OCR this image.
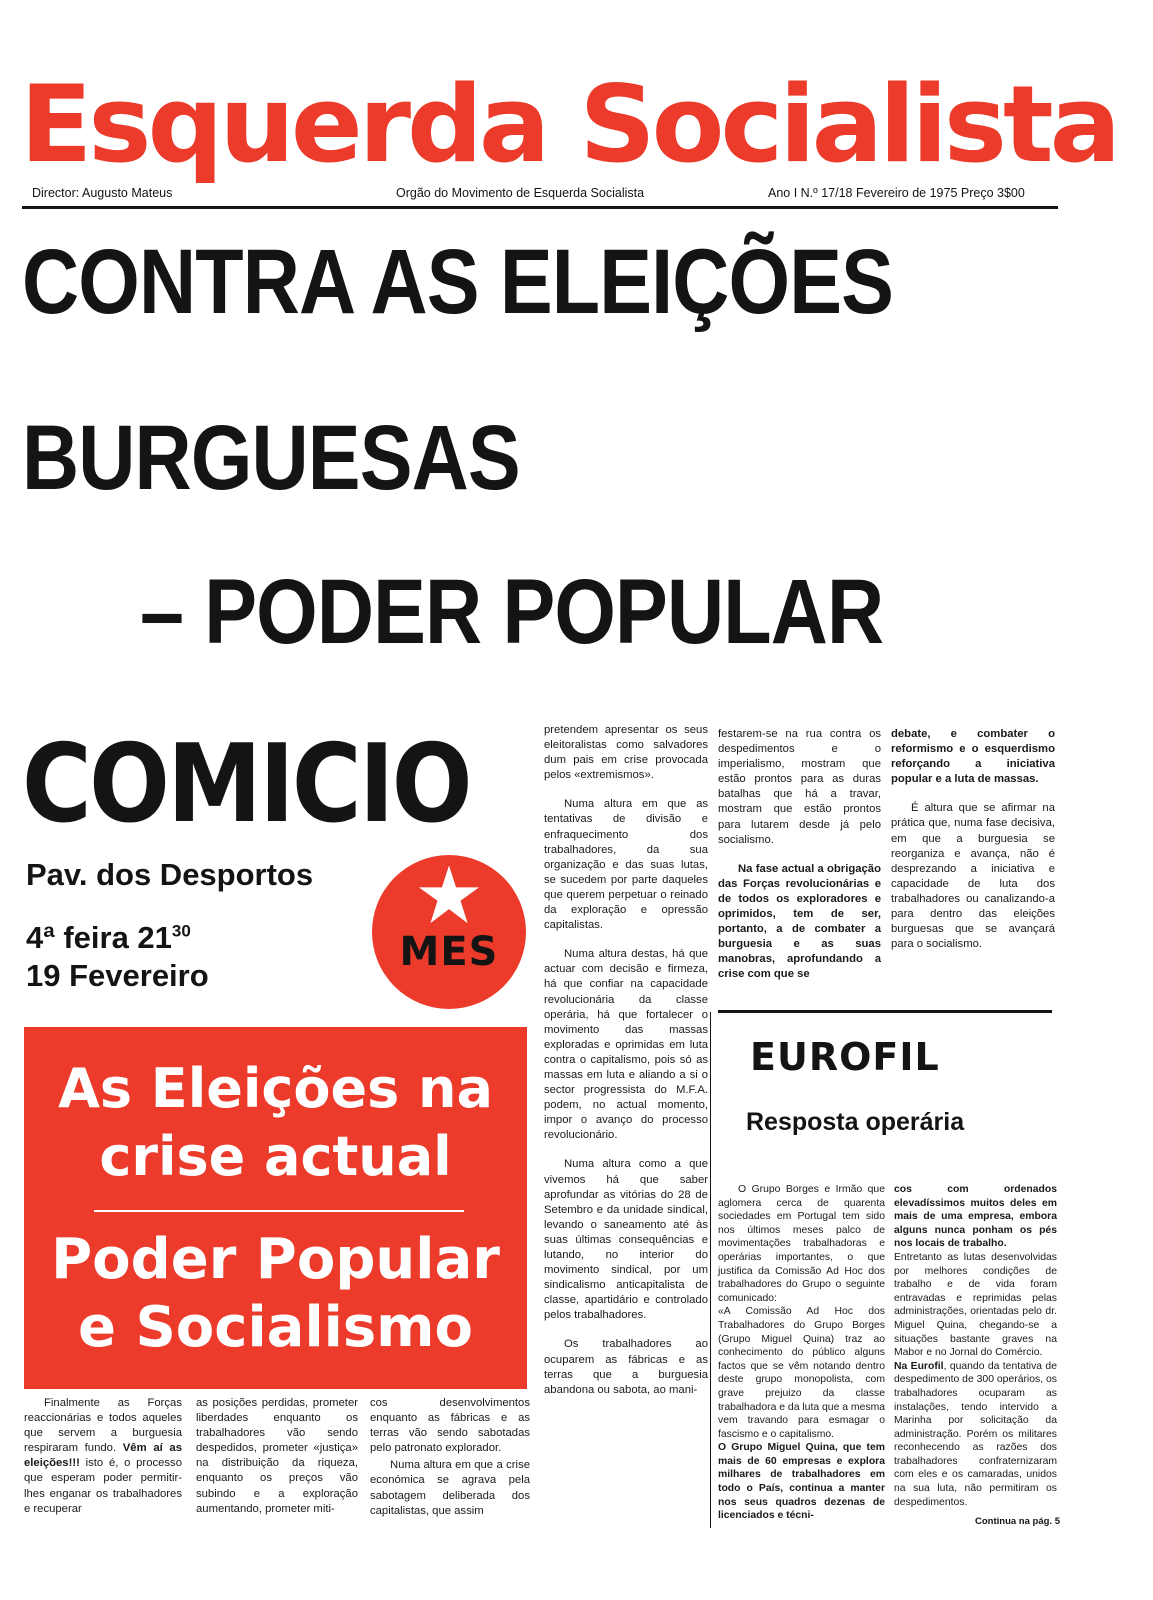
Esquerda Socialista
Director: Augusto Mateus	Orgão do Movimento de Esquerda Socialista	Ano I N.º 17/18 Fevereiro de 1975 Preço 3$00
CONTRA AS ELEIÇÕES
BURGUESAS
– PODER POPULAR
COMICIO
Pav. dos Desportos
4ª feira $21^{30}$
19 Fevereiro
MES
As Eleições na
crise actual
Poder Popular
e Socialismo

pretendem apresentar os seus eleitoralistas como salvadores dum pais em crise provocada pelos «extremismos».

Numa altura em que as tentativas de divisão e enfraquecimento dos trabalhadores, da sua organização e das suas lutas, se sucedem por parte daqueles que querem perpetuar o reinado da exploração e opressão capitalistas.

Numa altura destas, há que actuar com decisão e firmeza, há que confiar na capacidade revolucionária da classe operária, há que fortalecer o movimento das massas exploradas e oprimidas em luta contra o capitalismo, pois só as massas em luta e aliando a si o sector progressista do M.F.A. podem, no actual momento, impor o avanço do processo revolucionário.

Numa altura como a que vivemos há que saber aprofundar as vitórias do 28 de Setembro e da unidade sindical, levando o saneamento até às suas últimas consequências e lutando, no interior do movimento sindical, por um sindicalismo anticapitalista de classe, apartidário e controlado pelos trabalhadores.

Os trabalhadores ao ocuparem as fábricas e as terras que a burguesia abandona ou sabota, ao mani-

festarem-se na rua contra os despedimentos e o imperialismo, mostram que estão prontos para as duras batalhas que há a travar, mostram que estão prontos para lutarem desde já pelo socialismo.

Na fase actual a obrigação das Forças revolucionárias e de todos os exploradores e oprimidos, tem de ser, portanto, a de combater a burguesia e as suas manobras, aprofundando a crise com que se

debate, e combater o reformismo e o esquerdismo reforçando a iniciativa popular e a luta de massas.

É altura que se afirmar na prática que, numa fase decisiva, em que a burguesia se reorganiza e avança, não é desprezando a iniciativa e capacidade de luta dos trabalhadores ou canalizando-a para dentro das eleições burguesas que se avançará para o socialismo.

EUROFIL
Resposta operária

O Grupo Borges e Irmão que aglomera cerca de quarenta sociedades em Portugal tem sido nos últimos meses palco de movimentações trabalhadoras e operárias importantes, o que justifica da Comissão Ad Hoc dos trabalhadores do Grupo o seguinte comunicado:
«A Comissão Ad Hoc dos Trabalhadores do Grupo Borges (Grupo Miguel Quina) traz ao conhecimento do público alguns factos que se vêm notando dentro deste grupo monopolista, com grave prejuizo da classe trabalhadora e da luta que a mesma vem travando para esmagar o fascismo e o capitalismo.
O Grupo Miguel Quina, que tem mais de 60 empresas e explora milhares de trabalhadores em todo o País, continua a manter nos seus quadros dezenas de licenciados e técni-

cos com ordenados elevadíssimos muitos deles em mais de uma empresa, embora alguns nunca ponham os pés nos locais de trabalho.
Entretanto as lutas desenvolvidas por melhores condições de trabalho e de vida foram entravadas e reprimidas pelas administrações, orientadas pelo dr. Miguel Quina, chegando-se a situações bastante graves na Mabor e no Jornal do Comércio.
Na Eurofil, quando da tentativa de despedimento de 300 operários, os trabalhadores ocuparam as instalações, tendo intervido a Marinha por solicitação da administração. Porém os militares reconhecendo as razões dos trabalhadores confraternizaram com eles e os camaradas, unidos na sua luta, não permitiram os despedimentos.

Continua na pág. 5

Finalmente as Forças reaccionárias e todos aqueles que servem a burguesia respiraram fundo. Vêm aí as eleições!!! isto é, o processo que esperam poder permitir-lhes enganar os trabalhadores e recuperar

as posições perdidas, prometer liberdades enquanto os trabalhadores vão sendo despedidos, prometer «justiça» na distribuição da riqueza, enquanto os preços vão subindo e a exploração aumentando, prometer miti-

cos desenvolvimentos enquanto as fábricas e as terras vão sendo sabotadas pelo patronato explorador.

Numa altura em que a crise económica se agrava pela sabotagem deliberada dos capitalistas, que assim
